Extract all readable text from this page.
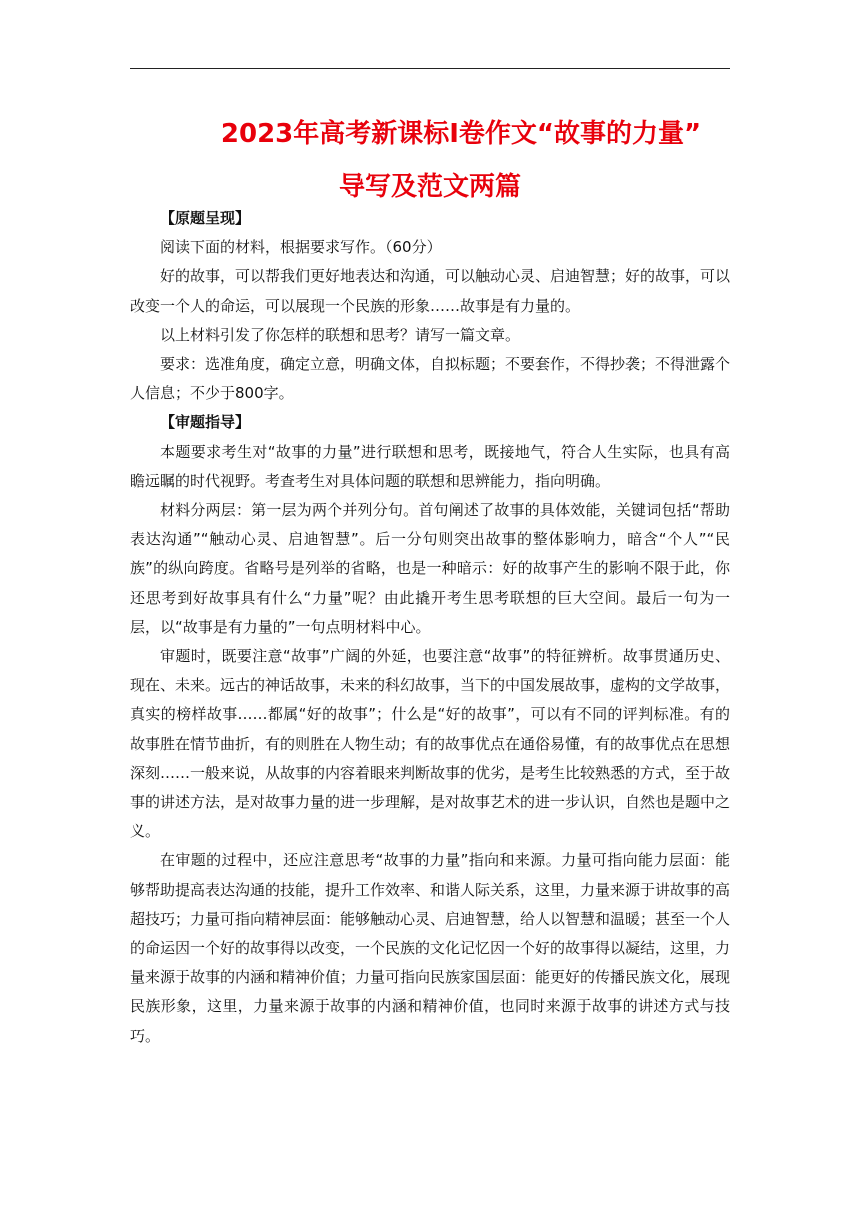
2023年高考新课标Ⅰ卷作文“故事的力量”
导写及范文两篇

【原题呈现】

阅读下面的材料，根据要求写作。（60分）

好的故事，可以帮我们更好地表达和沟通，可以触动心灵、启迪智慧；好的故事，可以改变一个人的命运，可以展现一个民族的形象……故事是有力量的。

以上材料引发了你怎样的联想和思考？请写一篇文章。

要求：选准角度，确定立意，明确文体，自拟标题；不要套作，不得抄袭；不得泄露个人信息；不少于800字。

【审题指导】

本题要求考生对“故事的力量”进行联想和思考，既接地气，符合人生实际，也具有高瞻远瞩的时代视野。考查考生对具体问题的联想和思辨能力，指向明确。

材料分两层：第一层为两个并列分句。首句阐述了故事的具体效能，关键词包括“帮助表达沟通”“触动心灵、启迪智慧”。后一分句则突出故事的整体影响力，暗含“个人”“民族”的纵向跨度。省略号是列举的省略，也是一种暗示：好的故事产生的影响不限于此，你还思考到好故事具有什么“力量”呢？由此撬开考生思考联想的巨大空间。最后一句为一层，以“故事是有力量的”一句点明材料中心。

审题时，既要注意“故事”广阔的外延，也要注意“故事”的特征辨析。故事贯通历史、现在、未来。远古的神话故事，未来的科幻故事，当下的中国发展故事，虚构的文学故事，真实的榜样故事……都属“好的故事”；什么是“好的故事”，可以有不同的评判标准。有的故事胜在情节曲折，有的则胜在人物生动；有的故事优点在通俗易懂，有的故事优点在思想深刻……一般来说，从故事的内容着眼来判断故事的优劣，是考生比较熟悉的方式，至于故事的讲述方法，是对故事力量的进一步理解，是对故事艺术的进一步认识，自然也是题中之义。

在审题的过程中，还应注意思考“故事的力量”指向和来源。力量可指向能力层面：能够帮助提高表达沟通的技能，提升工作效率、和谐人际关系，这里，力量来源于讲故事的高超技巧；力量可指向精神层面：能够触动心灵、启迪智慧，给人以智慧和温暖；甚至一个人的命运因一个好的故事得以改变，一个民族的文化记忆因一个好的故事得以凝结，这里，力量来源于故事的内涵和精神价值；力量可指向民族家国层面：能更好的传播民族文化，展现民族形象，这里，力量来源于故事的内涵和精神价值，也同时来源于故事的讲述方式与技巧。
